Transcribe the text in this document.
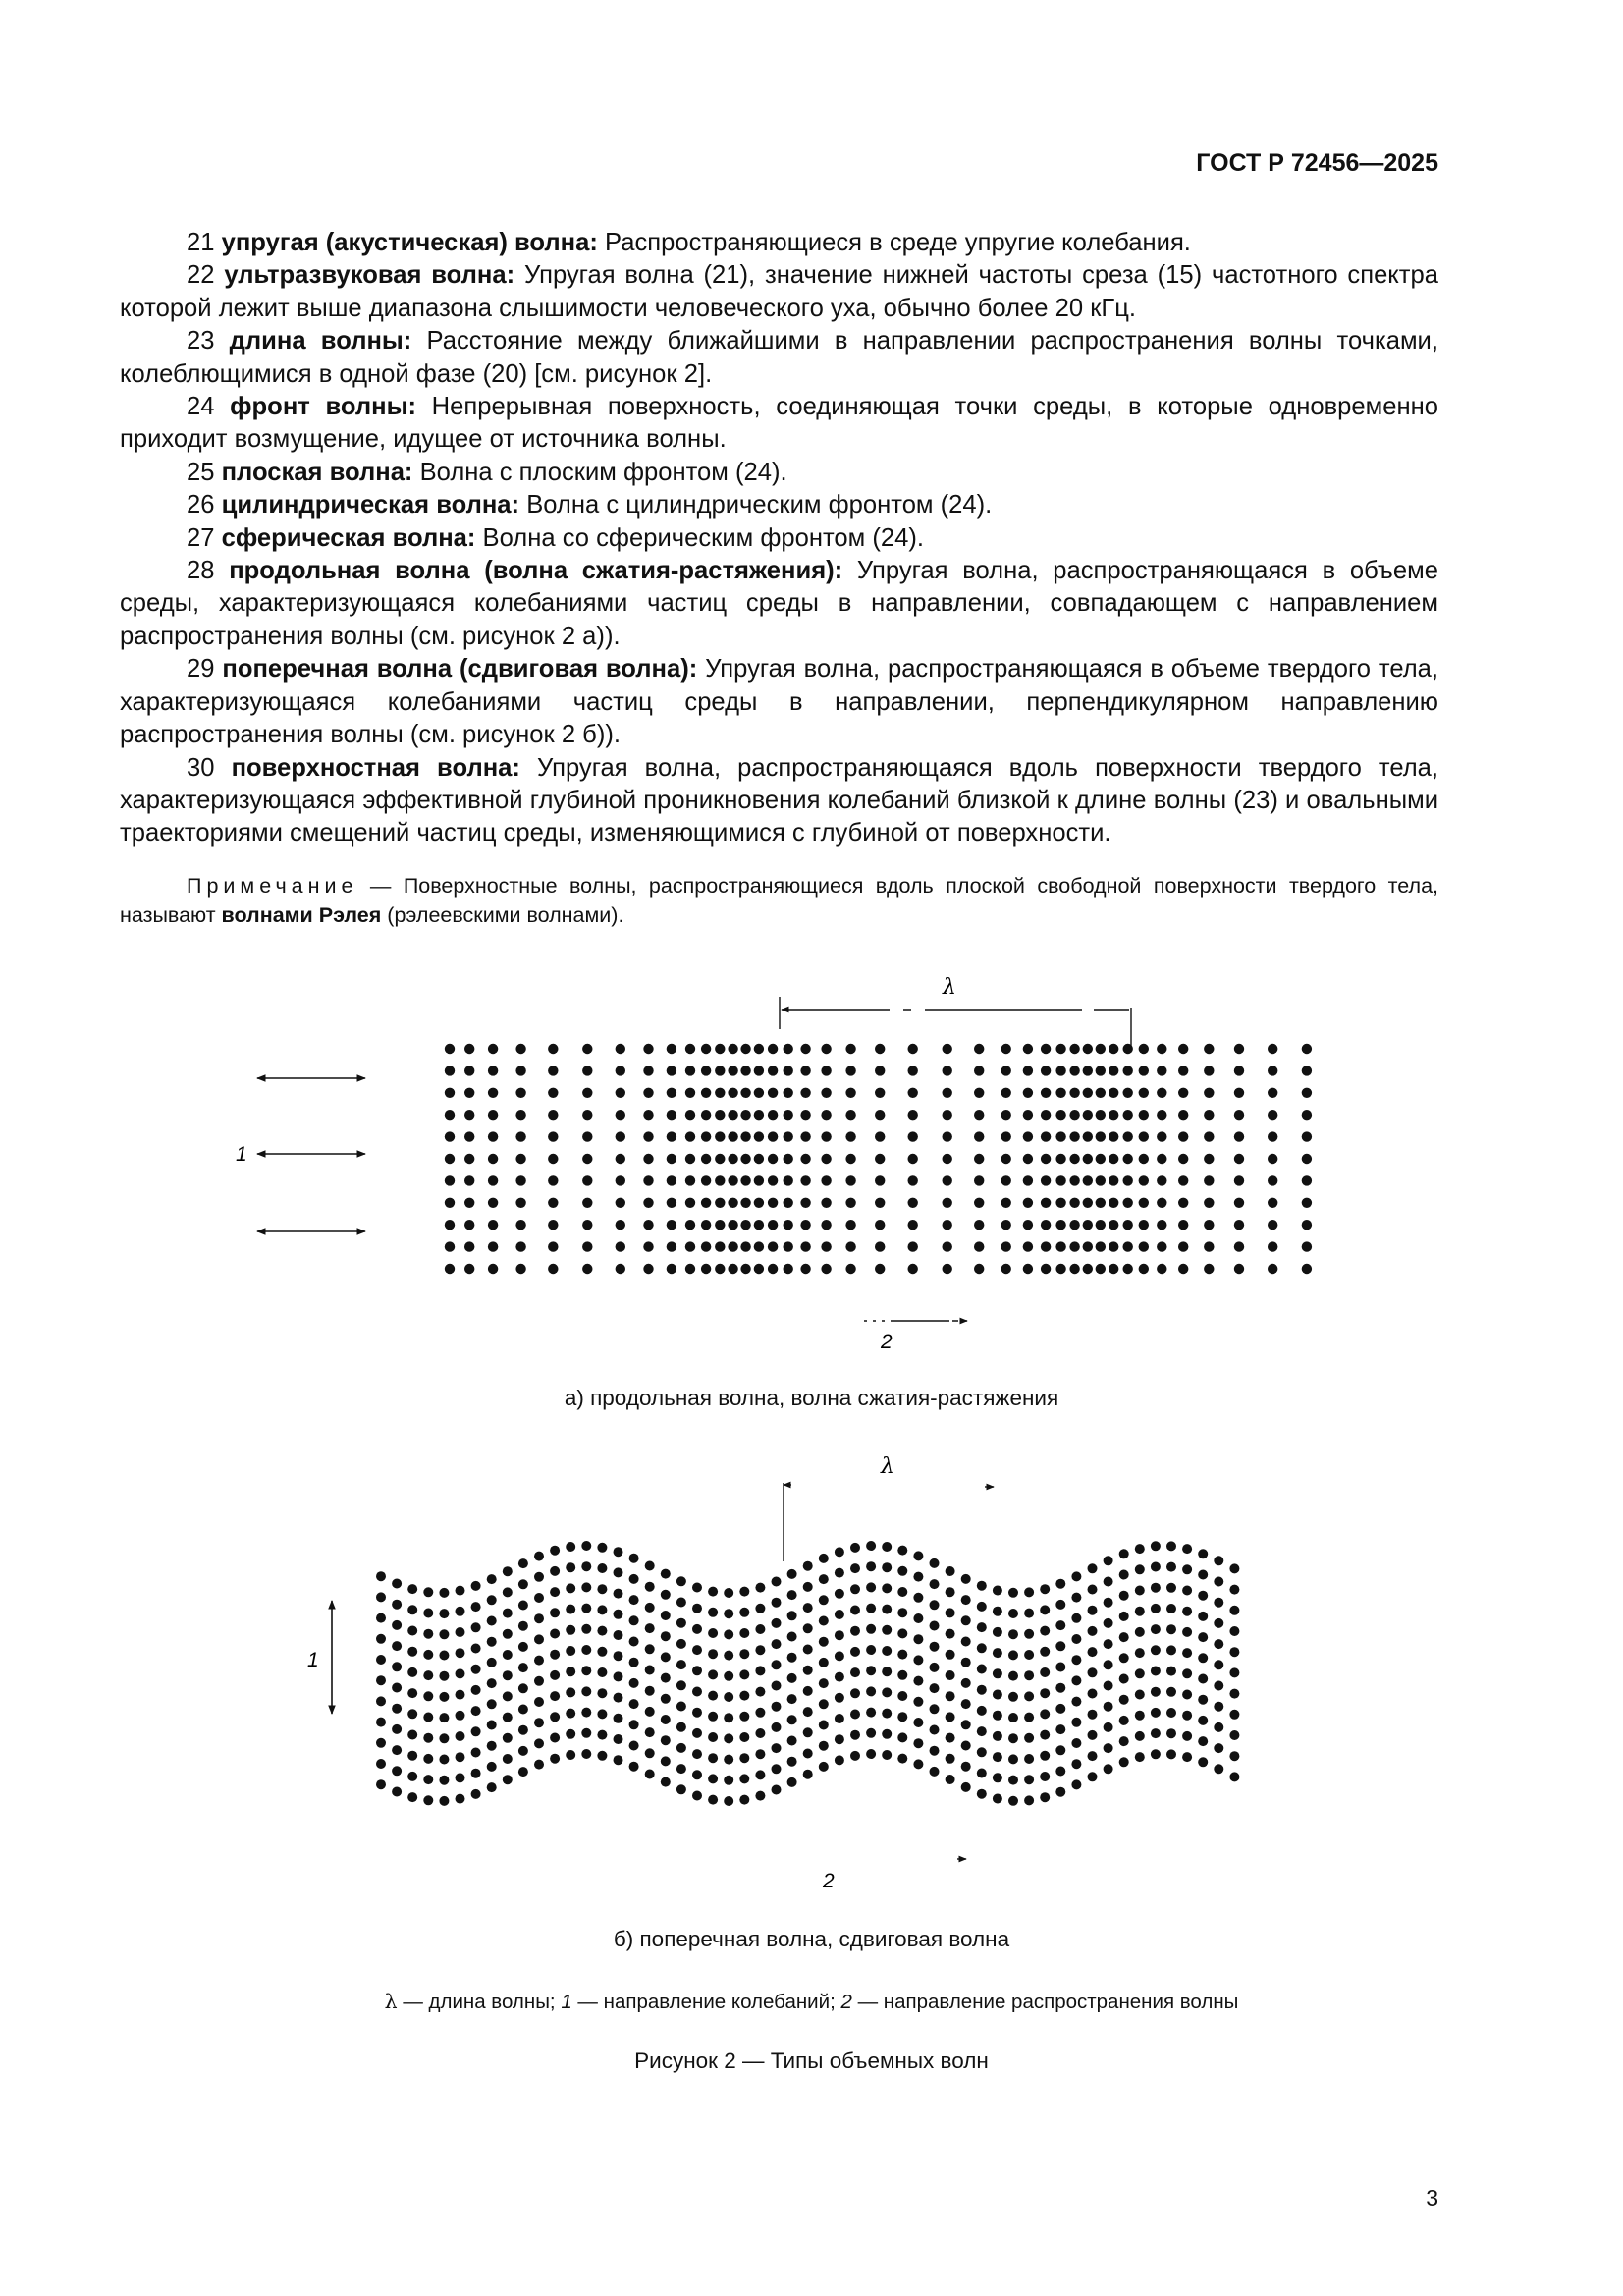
ГОСТ Р 72456—2025

21 упругая (акустическая) волна: Распространяющиеся в среде упругие колебания.

22 ультразвуковая волна: Упругая волна (21), значение нижней частоты среза (15) частотного спектра которой лежит выше диапазона слышимости человеческого уха, обычно более 20 кГц.

23 длина волны: Расстояние между ближайшими в направлении распространения волны точками, колеблющимися в одной фазе (20) [см. рисунок 2].

24 фронт волны: Непрерывная поверхность, соединяющая точки среды, в которые одновременно приходит возмущение, идущее от источника волны.

25 плоская волна: Волна с плоским фронтом (24).

26 цилиндрическая волна: Волна с цилиндрическим фронтом (24).

27 сферическая волна: Волна со сферическим фронтом (24).

28 продольная волна (волна сжатия-растяжения): Упругая волна, распространяющаяся в объеме среды, характеризующаяся колебаниями частиц среды в направлении, совпадающем с направлением распространения волны (см. рисунок 2 а)).

29 поперечная волна (сдвиговая волна): Упругая волна, распространяющаяся в объеме твердого тела, характеризующаяся колебаниями частиц среды в направлении, перпендикулярном направлению распространения волны (см. рисунок 2 б)).

30 поверхностная волна: Упругая волна, распространяющаяся вдоль поверхности твердого тела, характеризующаяся эффективной глубиной проникновения колебаний близкой к длине волны (23) и овальными траекториями смещений частиц среды, изменяющимися с глубиной от поверхности.

Примечание — Поверхностные волны, распространяющиеся вдоль плоской свободной поверхности твердого тела, называют волнами Рэлея (рэлеевскими волнами).
1
λ
2
1
λ
2
а) продольная волна, волна сжатия-растяжения
б) поперечная волна, сдвиговая волна
λ — длина волны; 1 — направление колебаний; 2 — направление распространения волны
Рисунок 2 — Типы объемных волн
3
